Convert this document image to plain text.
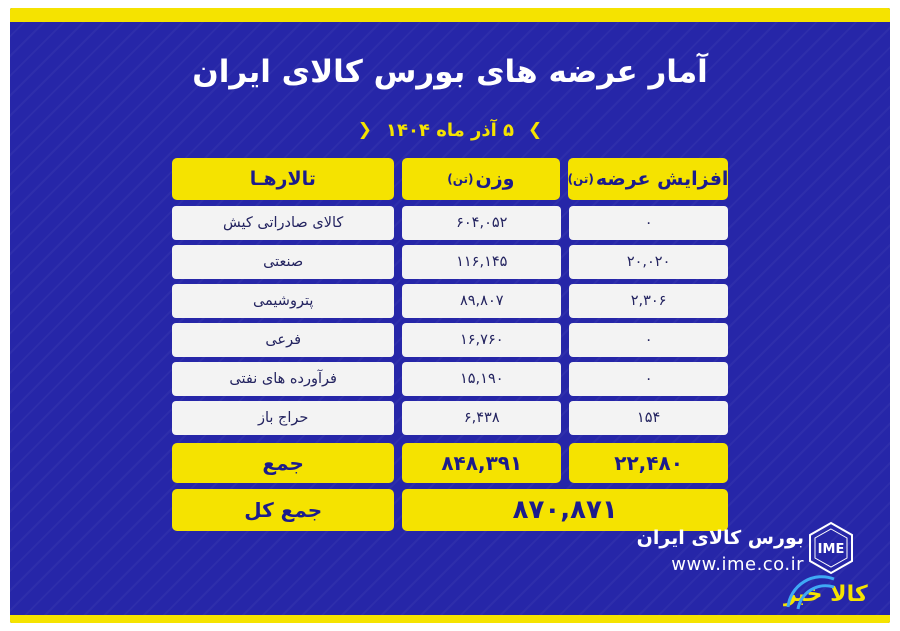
آمار عرضه های بورس کالای ایران
❯
۵ آذر ماه ۱۴۰۴
❮
افزایش عرضه
(تن)
وزن
(تن)
تالارهـا
۰
۶۰۴,۰۵۲
کالای صادراتی کیش
۲۰,۰۲۰
۱۱۶,۱۴۵
صنعتی
۲,۳۰۶
۸۹,۸۰۷
پتروشیمی
۰
۱۶,۷۶۰
فرعی
۰
۱۵,۱۹۰
فرآورده های نفتی
۱۵۴
۶,۴۳۸
حراج باز
۲۲,۴۸۰
۸۴۸,۳۹۱
جمع
۸۷۰,۸۷۱
جمع کل
بورس کالای ایران
www.ime.co.ir
IME
کالا خبر
